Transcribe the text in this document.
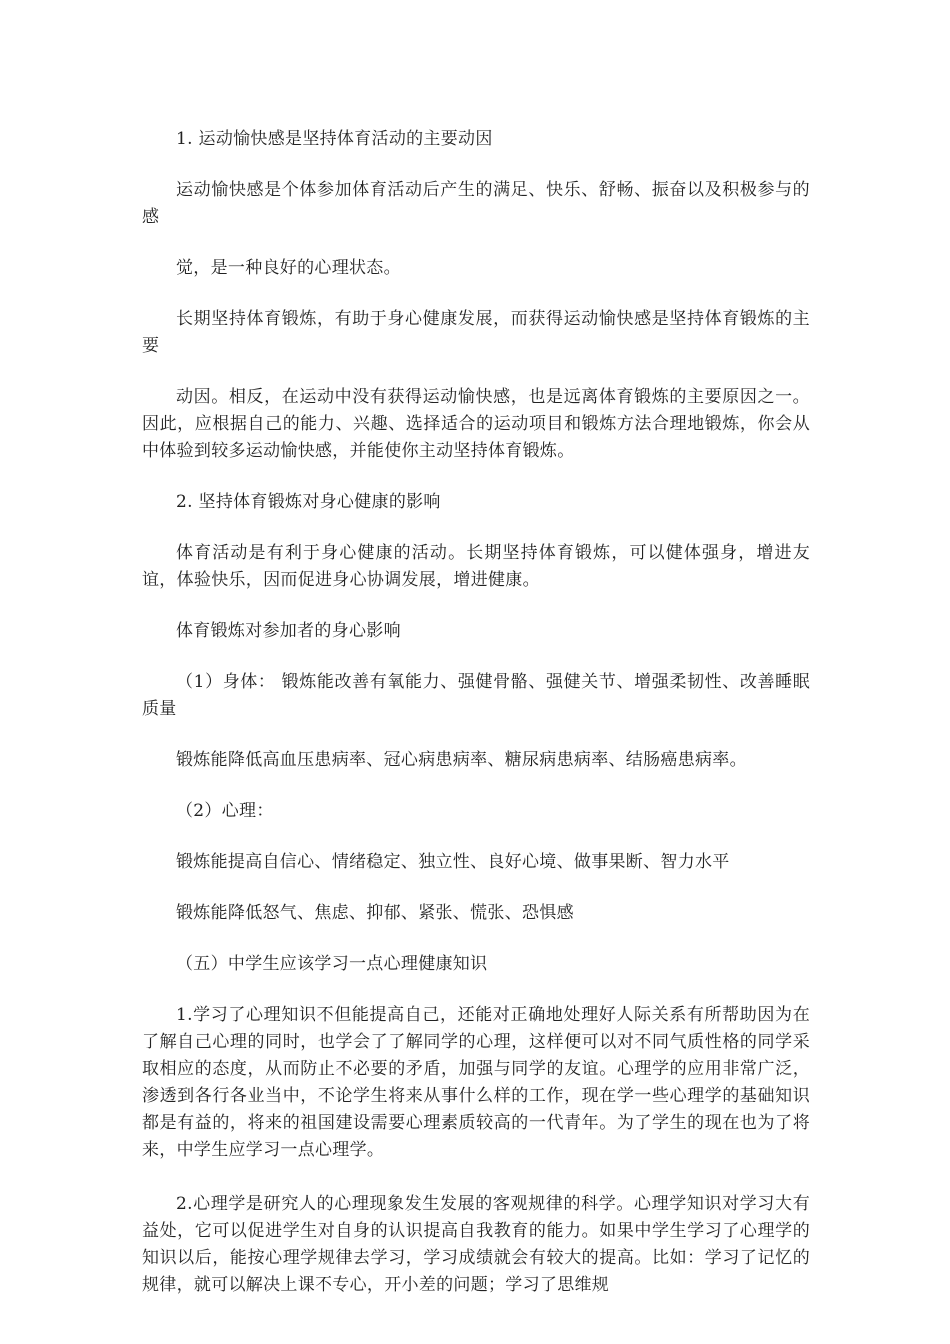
1. 运动愉快感是坚持体育活动的主要动因

运动愉快感是个体参加体育活动后产生的满足、快乐、舒畅、振奋以及积极参与的感

觉，是一种良好的心理状态。

长期坚持体育锻炼，有助于身心健康发展，而获得运动愉快感是坚持体育锻炼的主要

动因。相反，在运动中没有获得运动愉快感，也是远离体育锻炼的主要原因之一。因此，应根据自己的能力、兴趣、选择适合的运动项目和锻炼方法合理地锻炼，你会从中体验到较多运动愉快感，并能使你主动坚持体育锻炼。

2. 坚持体育锻炼对身心健康的影响

体育活动是有利于身心健康的活动。长期坚持体育锻炼，可以健体强身，增进友谊，体验快乐，因而促进身心协调发展，增进健康。

体育锻炼对参加者的身心影响

（1）身体： 锻炼能改善有氧能力、强健骨骼、强健关节、增强柔韧性、改善睡眠质量

锻炼能降低高血压患病率、冠心病患病率、糖尿病患病率、结肠癌患病率。

（2）心理：

锻炼能提高自信心、情绪稳定、独立性、良好心境、做事果断、智力水平

锻炼能降低怒气、焦虑、抑郁、紧张、慌张、恐惧感

（五）中学生应该学习一点心理健康知识

1.学习了心理知识不但能提高自己，还能对正确地处理好人际关系有所帮助因为在了解自己心理的同时，也学会了了解同学的心理，这样便可以对不同气质性格的同学采取相应的态度，从而防止不必要的矛盾，加强与同学的友谊。心理学的应用非常广泛，渗透到各行各业当中，不论学生将来从事什么样的工作，现在学一些心理学的基础知识都是有益的，将来的祖国建设需要心理素质较高的一代青年。为了学生的现在也为了将来，中学生应学习一点心理学。

2.心理学是研究人的心理现象发生发展的客观规律的科学。心理学知识对学习大有益处，它可以促进学生对自身的认识提高自我教育的能力。如果中学生学习了心理学的知识以后，能按心理学规律去学习，学习成绩就会有较大的提高。比如：学习了记忆的规律，就可以解决上课不专心，开小差的问题；学习了思维规
